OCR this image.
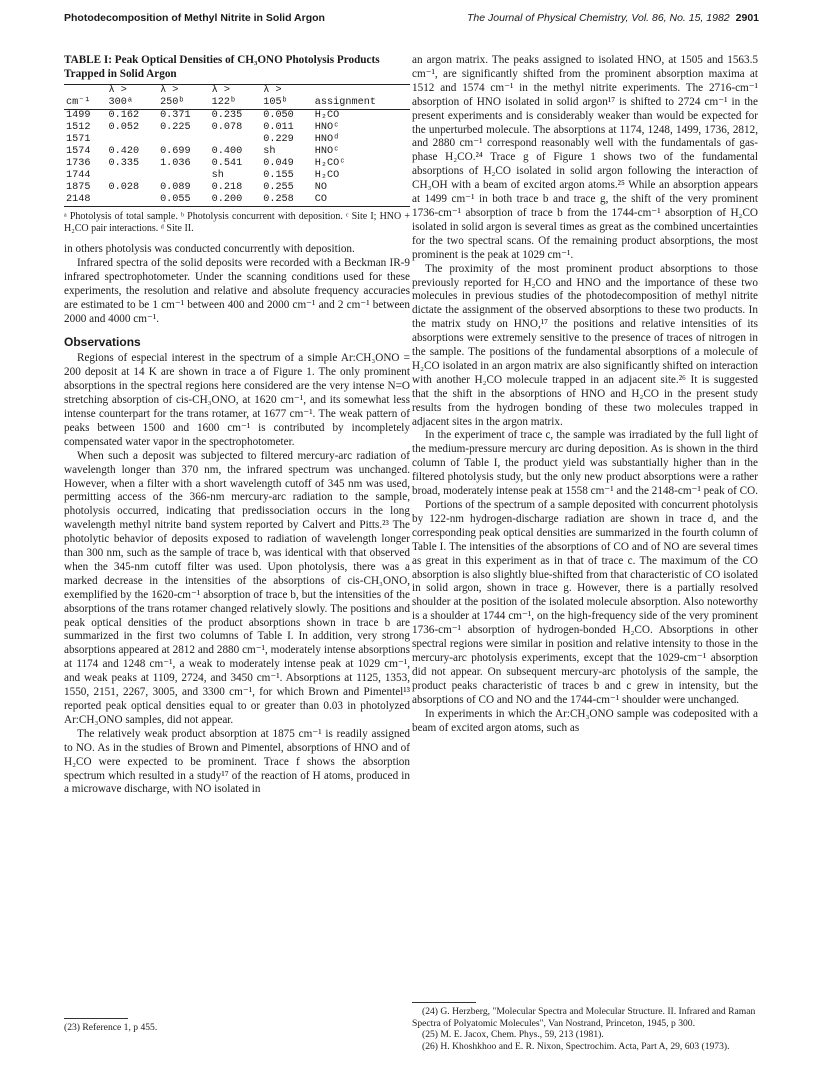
Photodecomposition of Methyl Nitrite in Solid Argon	The Journal of Physical Chemistry, Vol. 86, No. 15, 1982 2901
TABLE I: Peak Optical Densities of CH₃ONO Photolysis Products Trapped in Solid Argon
	λ >	λ >	λ >	λ >	
cm⁻¹	300ᵃ	250ᵇ	122ᵇ	105ᵇ	assignment
1499	0.162	0.371	0.235	0.050	H₂CO
1512	0.052	0.225	0.078	0.011	HNOᶜ
1571				0.229	HNOᵈ
1574	0.420	0.699	0.400	sh	HNOᶜ
1736	0.335	1.036	0.541	0.049	H₂COᶜ
1744			sh	0.155	H₂CO
1875	0.028	0.089	0.218	0.255	NO
2148		0.055	0.200	0.258	CO
ᵃ Photolysis of total sample. ᵇ Photolysis concurrent with deposition. ᶜ Site I; HNO + H₂CO pair interactions. ᵈ Site II.

in others photolysis was conducted concurrently with deposition.

Infrared spectra of the solid deposits were recorded with a Beckman IR-9 infrared spectrophotometer. Under the scanning conditions used for these experiments, the resolution and relative and absolute frequency accuracies are estimated to be 1 cm⁻¹ between 400 and 2000 cm⁻¹ and 2 cm⁻¹ between 2000 and 4000 cm⁻¹.

Observations

Regions of especial interest in the spectrum of a simple Ar:CH₃ONO = 200 deposit at 14 K are shown in trace a of Figure 1. The only prominent absorptions in the spectral regions here considered are the very intense N=O stretching absorption of cis-CH₃ONO, at 1620 cm⁻¹, and its somewhat less intense counterpart for the trans rotamer, at 1677 cm⁻¹. The weak pattern of peaks between 1500 and 1600 cm⁻¹ is contributed by incompletely compensated water vapor in the spectrophotometer.

When such a deposit was subjected to filtered mercury-arc radiation of wavelength longer than 370 nm, the infrared spectrum was unchanged. However, when a filter with a short wavelength cutoff of 345 nm was used, permitting access of the 366-nm mercury-arc radiation to the sample, photolysis occurred, indicating that predissociation occurs in the long wavelength methyl nitrite band system reported by Calvert and Pitts.²³ The photolytic behavior of deposits exposed to radiation of wavelength longer than 300 nm, such as the sample of trace b, was identical with that observed when the 345-nm cutoff filter was used. Upon photolysis, there was a marked decrease in the intensities of the absorptions of cis-CH₃ONO, exemplified by the 1620-cm⁻¹ absorption of trace b, but the intensities of the absorptions of the trans rotamer changed relatively slowly. The positions and peak optical densities of the product absorptions shown in trace b are summarized in the first two columns of Table I. In addition, very strong absorptions appeared at 2812 and 2880 cm⁻¹, moderately intense absorptions at 1174 and 1248 cm⁻¹, a weak to moderately intense peak at 1029 cm⁻¹, and weak peaks at 1109, 2724, and 3450 cm⁻¹. Absorptions at 1125, 1353, 1550, 2151, 2267, 3005, and 3300 cm⁻¹, for which Brown and Pimentel¹³ reported peak optical densities equal to or greater than 0.03 in photolyzed Ar:CH₃ONO samples, did not appear.

The relatively weak product absorption at 1875 cm⁻¹ is readily assigned to NO. As in the studies of Brown and Pimentel, absorptions of HNO and of H₂CO were expected to be prominent. Trace f shows the absorption spectrum which resulted in a study¹⁷ of the reaction of H atoms, produced in a microwave discharge, with NO isolated in

(23) Reference 1, p 455.

an argon matrix. The peaks assigned to isolated HNO, at 1505 and 1563.5 cm⁻¹, are significantly shifted from the prominent absorption maxima at 1512 and 1574 cm⁻¹ in the methyl nitrite experiments. The 2716-cm⁻¹ absorption of HNO isolated in solid argon¹⁷ is shifted to 2724 cm⁻¹ in the present experiments and is considerably weaker than would be expected for the unperturbed molecule. The absorptions at 1174, 1248, 1499, 1736, 2812, and 2880 cm⁻¹ correspond reasonably well with the fundamentals of gas-phase H₂CO.²⁴ Trace g of Figure 1 shows two of the fundamental absorptions of H₂CO isolated in solid argon following the interaction of CH₃OH with a beam of excited argon atoms.²⁵ While an absorption appears at 1499 cm⁻¹ in both trace b and trace g, the shift of the very prominent 1736-cm⁻¹ absorption of trace b from the 1744-cm⁻¹ absorption of H₂CO isolated in solid argon is several times as great as the combined uncertainties for the two spectral scans. Of the remaining product absorptions, the most prominent is the peak at 1029 cm⁻¹.

The proximity of the most prominent product absorptions to those previously reported for H₂CO and HNO and the importance of these two molecules in previous studies of the photodecomposition of methyl nitrite dictate the assignment of the observed absorptions to these two products. In the matrix study on HNO,¹⁷ the positions and relative intensities of its absorptions were extremely sensitive to the presence of traces of nitrogen in the sample. The positions of the fundamental absorptions of a molecule of H₂CO isolated in an argon matrix are also significantly shifted on interaction with another H₂CO molecule trapped in an adjacent site.²⁶ It is suggested that the shift in the absorptions of HNO and H₂CO in the present study results from the hydrogen bonding of these two molecules trapped in adjacent sites in the argon matrix.

In the experiment of trace c, the sample was irradiated by the full light of the medium-pressure mercury arc during deposition. As is shown in the third column of Table I, the product yield was substantially higher than in the filtered photolysis study, but the only new product absorptions were a rather broad, moderately intense peak at 1558 cm⁻¹ and the 2148-cm⁻¹ peak of CO.

Portions of the spectrum of a sample deposited with concurrent photolysis by 122-nm hydrogen-discharge radiation are shown in trace d, and the corresponding peak optical densities are summarized in the fourth column of Table I. The intensities of the absorptions of CO and of NO are several times as great in this experiment as in that of trace c. The maximum of the CO absorption is also slightly blue-shifted from that characteristic of CO isolated in solid argon, shown in trace g. However, there is a partially resolved shoulder at the position of the isolated molecule absorption. Also noteworthy is a shoulder at 1744 cm⁻¹, on the high-frequency side of the very prominent 1736-cm⁻¹ absorption of hydrogen-bonded H₂CO. Absorptions in other spectral regions were similar in position and relative intensity to those in the mercury-arc photolysis experiments, except that the 1029-cm⁻¹ absorption did not appear. On subsequent mercury-arc photolysis of the sample, the product peaks characteristic of traces b and c grew in intensity, but the absorptions of CO and NO and the 1744-cm⁻¹ shoulder were unchanged.

In experiments in which the Ar:CH₃ONO sample was codeposited with a beam of excited argon atoms, such as

(24) G. Herzberg, "Molecular Spectra and Molecular Structure. II. Infrared and Raman Spectra of Polyatomic Molecules", Van Nostrand, Princeton, 1945, p 300.
(25) M. E. Jacox, Chem. Phys., 59, 213 (1981).
(26) H. Khoshkhoo and E. R. Nixon, Spectrochim. Acta, Part A, 29, 603 (1973).
